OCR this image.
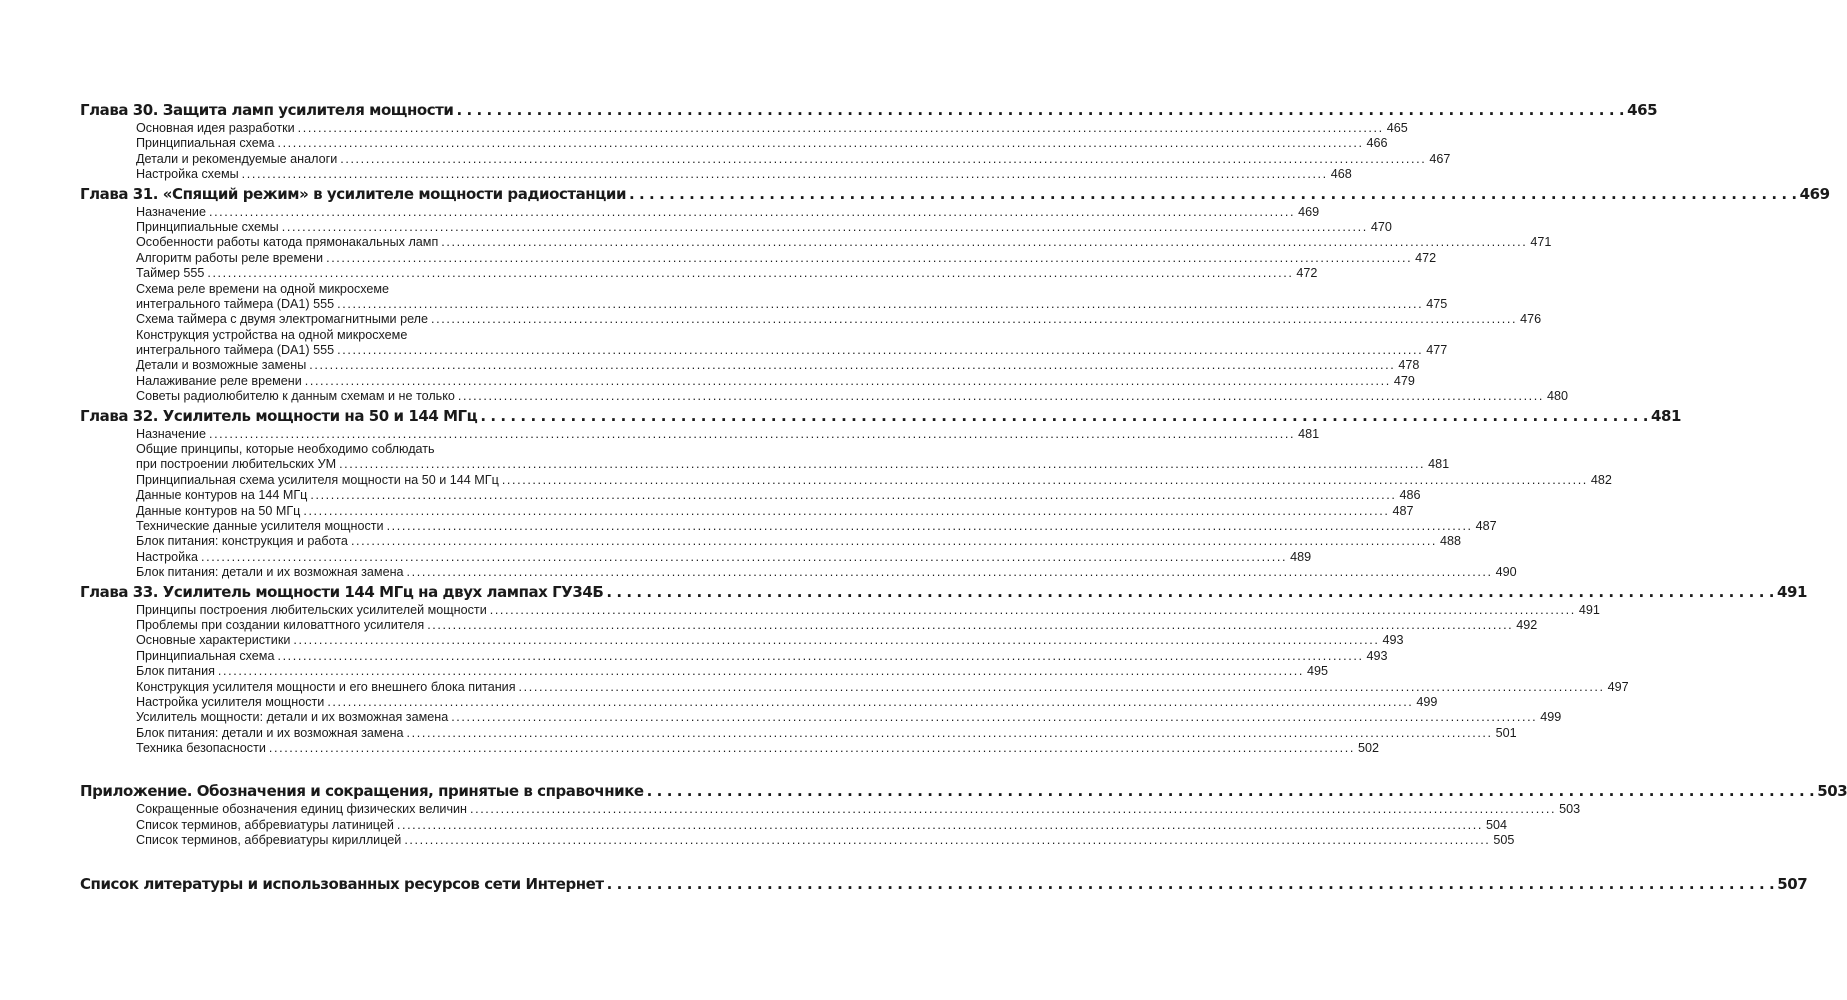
Глава 30. Защита ламп усилителя мощности . . .	465
Основная идея разработки .....	465
Принципиальная схема .....	466
Детали и рекомендуемые аналоги .....	467
Настройка схемы .....	468
Глава 31. «Спящий режим» в усилителе мощности радиостанции . . .	469
Назначение .....	469
Принципиальные схемы .....	470
Особенности работы катода прямонакальных ламп .....	471
Алгоритм работы реле времени .....	472
Таймер 555 .....	472
Схема реле времени на одной микросхеме
интегрального таймера (DA1) 555 .....	475
Схема таймера с двумя электромагнитными реле .....	476
Конструкция устройства на одной микросхеме
интегрального таймера (DA1) 555 .....	477
Детали и возможные замены .....	478
Налаживание реле времени .....	479
Советы радиолюбителю к данным схемам и не только .....	480
Глава 32. Усилитель мощности на 50 и 144 МГц . . .	481
Назначение .....	481
Общие принципы, которые необходимо соблюдать
при построении любительских УМ .....	481
Принципиальная схема усилителя мощности на 50 и 144 МГц .....	482
Данные контуров на 144 МГц .....	486
Данные контуров на 50 МГц .....	487
Технические данные усилителя мощности .....	487
Блок питания: конструкция и работа .....	488
Настройка .....	489
Блок питания: детали и их возможная замена .....	490
Глава 33. Усилитель мощности 144 МГц на двух лампах ГУ34Б . . .	491
Принципы построения любительских усилителей мощности .....	491
Проблемы при создании киловаттного усилителя .....	492
Основные характеристики .....	493
Принципиальная схема .....	493
Блок питания .....	495
Конструкция усилителя мощности и его внешнего блока питания .....	497
Настройка усилителя мощности .....	499
Усилитель мощности: детали и их возможная замена .....	499
Блок питания: детали и их возможная замена .....	501
Техника безопасности .....	502
Приложение. Обозначения и сокращения, принятые в справочнике . . .	503
Сокращенные обозначения единиц физических величин .....	503
Список терминов, аббревиатуры латиницей .....	504
Список терминов, аббревиатуры кириллицей .....	505
Список литературы и использованных ресурсов сети Интернет . . .	507
